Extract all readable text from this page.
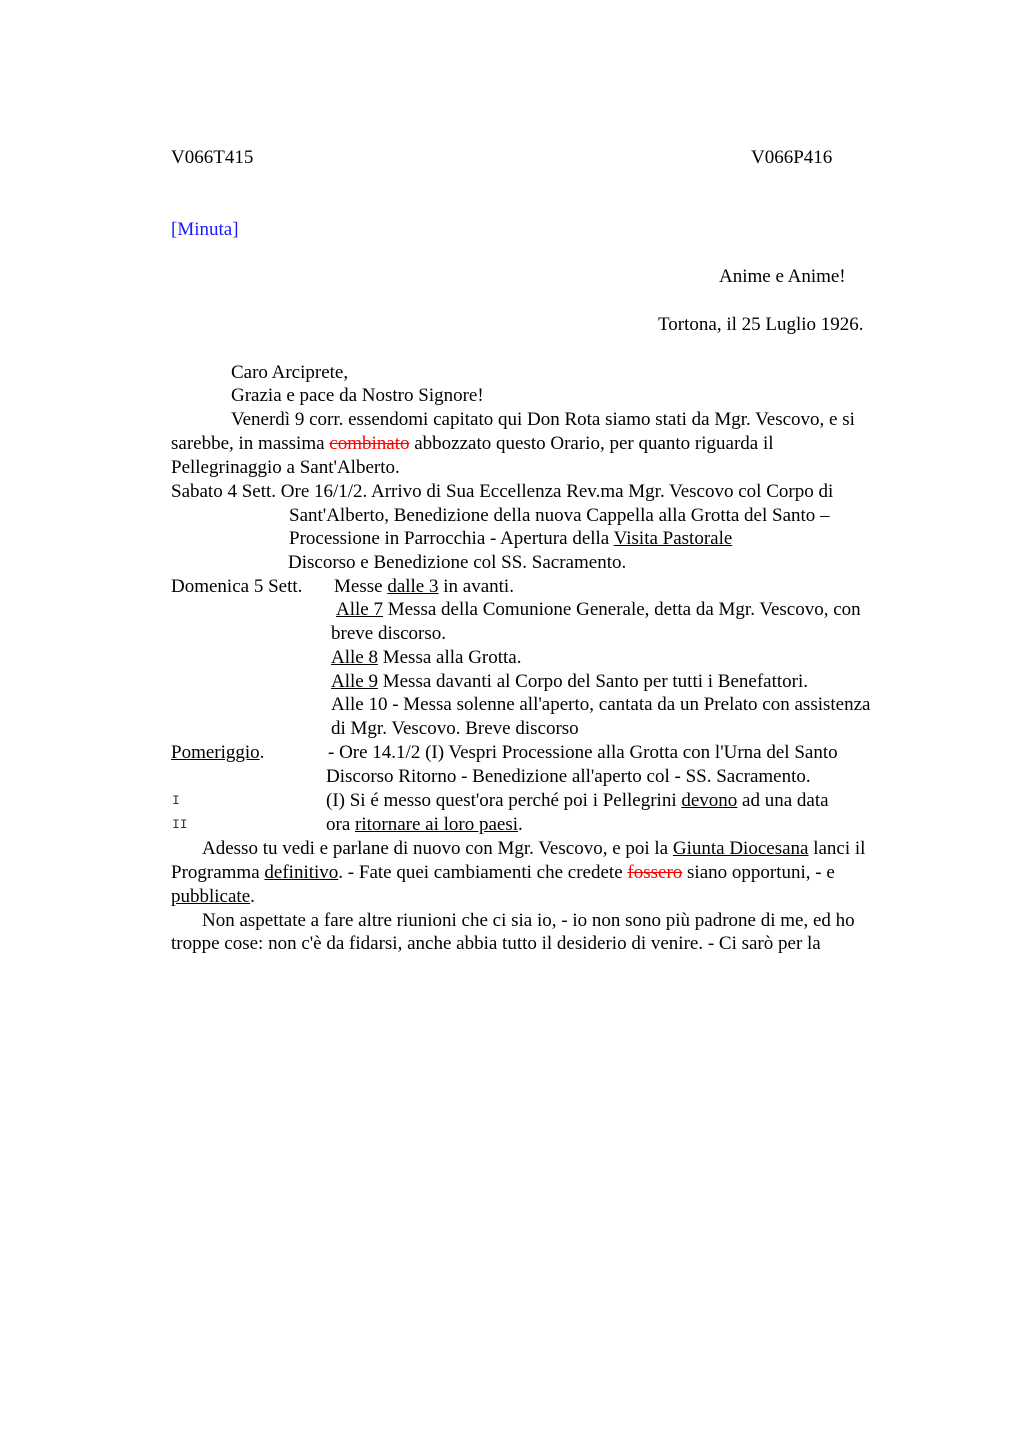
V066T415	V066P416
[Minuta]
Anime e Anime!
Tortona, il 25 Luglio 1926.
Caro Arciprete,
Grazia e pace da Nostro Signore!
Venerdì 9 corr. essendomi capitato qui Don Rota siamo stati da Mgr. Vescovo, e si
sarebbe, in massima combinato abbozzato questo Orario, per quanto riguarda il
Pellegrinaggio a Sant'Alberto.
Sabato 4 Sett. Ore 16/1/2. Arrivo di Sua Eccellenza Rev.ma Mgr. Vescovo col Corpo di
Sant'Alberto, Benedizione della nuova Cappella alla Grotta del Santo –
Processione in Parrocchia - Apertura della Visita Pastorale
Discorso e Benedizione col SS. Sacramento.
Domenica 5 Sett. Messe dalle 3 in avanti.
Alle 7 Messa della Comunione Generale, detta da Mgr. Vescovo, con
breve discorso.
Alle 8 Messa alla Grotta.
Alle 9 Messa davanti al Corpo del Santo per tutti i Benefattori.
Alle 10 - Messa solenne all'aperto, cantata da un Prelato con assistenza
di Mgr. Vescovo. Breve discorso
Pomeriggio.	- Ore 14.1/2 (I) Vespri Processione alla Grotta con l'Urna del Santo
Discorso Ritorno - Benedizione all'aperto col - SS. Sacramento.
I	(I) Si é messo quest'ora perché poi i Pellegrini devono ad una data
II	ora ritornare ai loro paesi.
Adesso tu vedi e parlane di nuovo con Mgr. Vescovo, e poi la Giunta Diocesana lanci il
Programma definitivo. - Fate quei cambiamenti che credete fossero siano opportuni, - e
pubblicate.
Non aspettate a fare altre riunioni che ci sia io, - io non sono più padrone di me, ed ho
troppe cose: non c'è da fidarsi, anche abbia tutto il desiderio di venire. - Ci sarò per la
